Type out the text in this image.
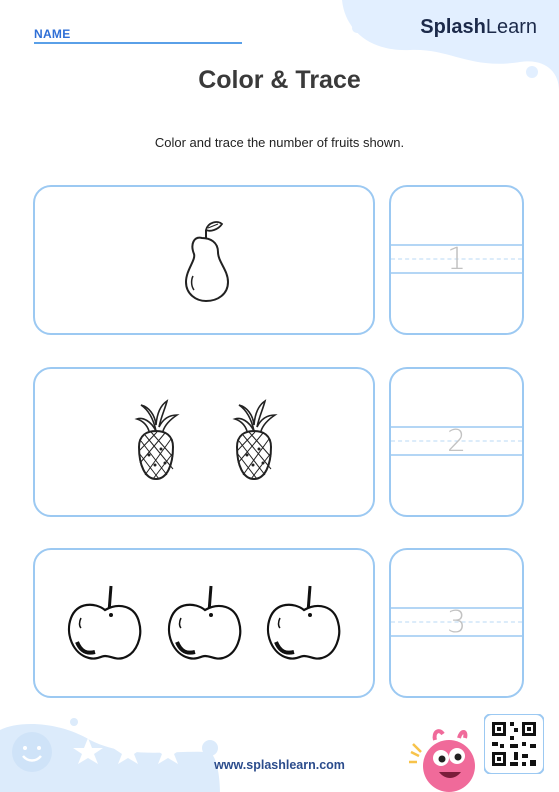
NAME	SplashLearn
Color & Trace
Color and trace the number of fruits shown.
1
2
3
www.splashlearn.com
